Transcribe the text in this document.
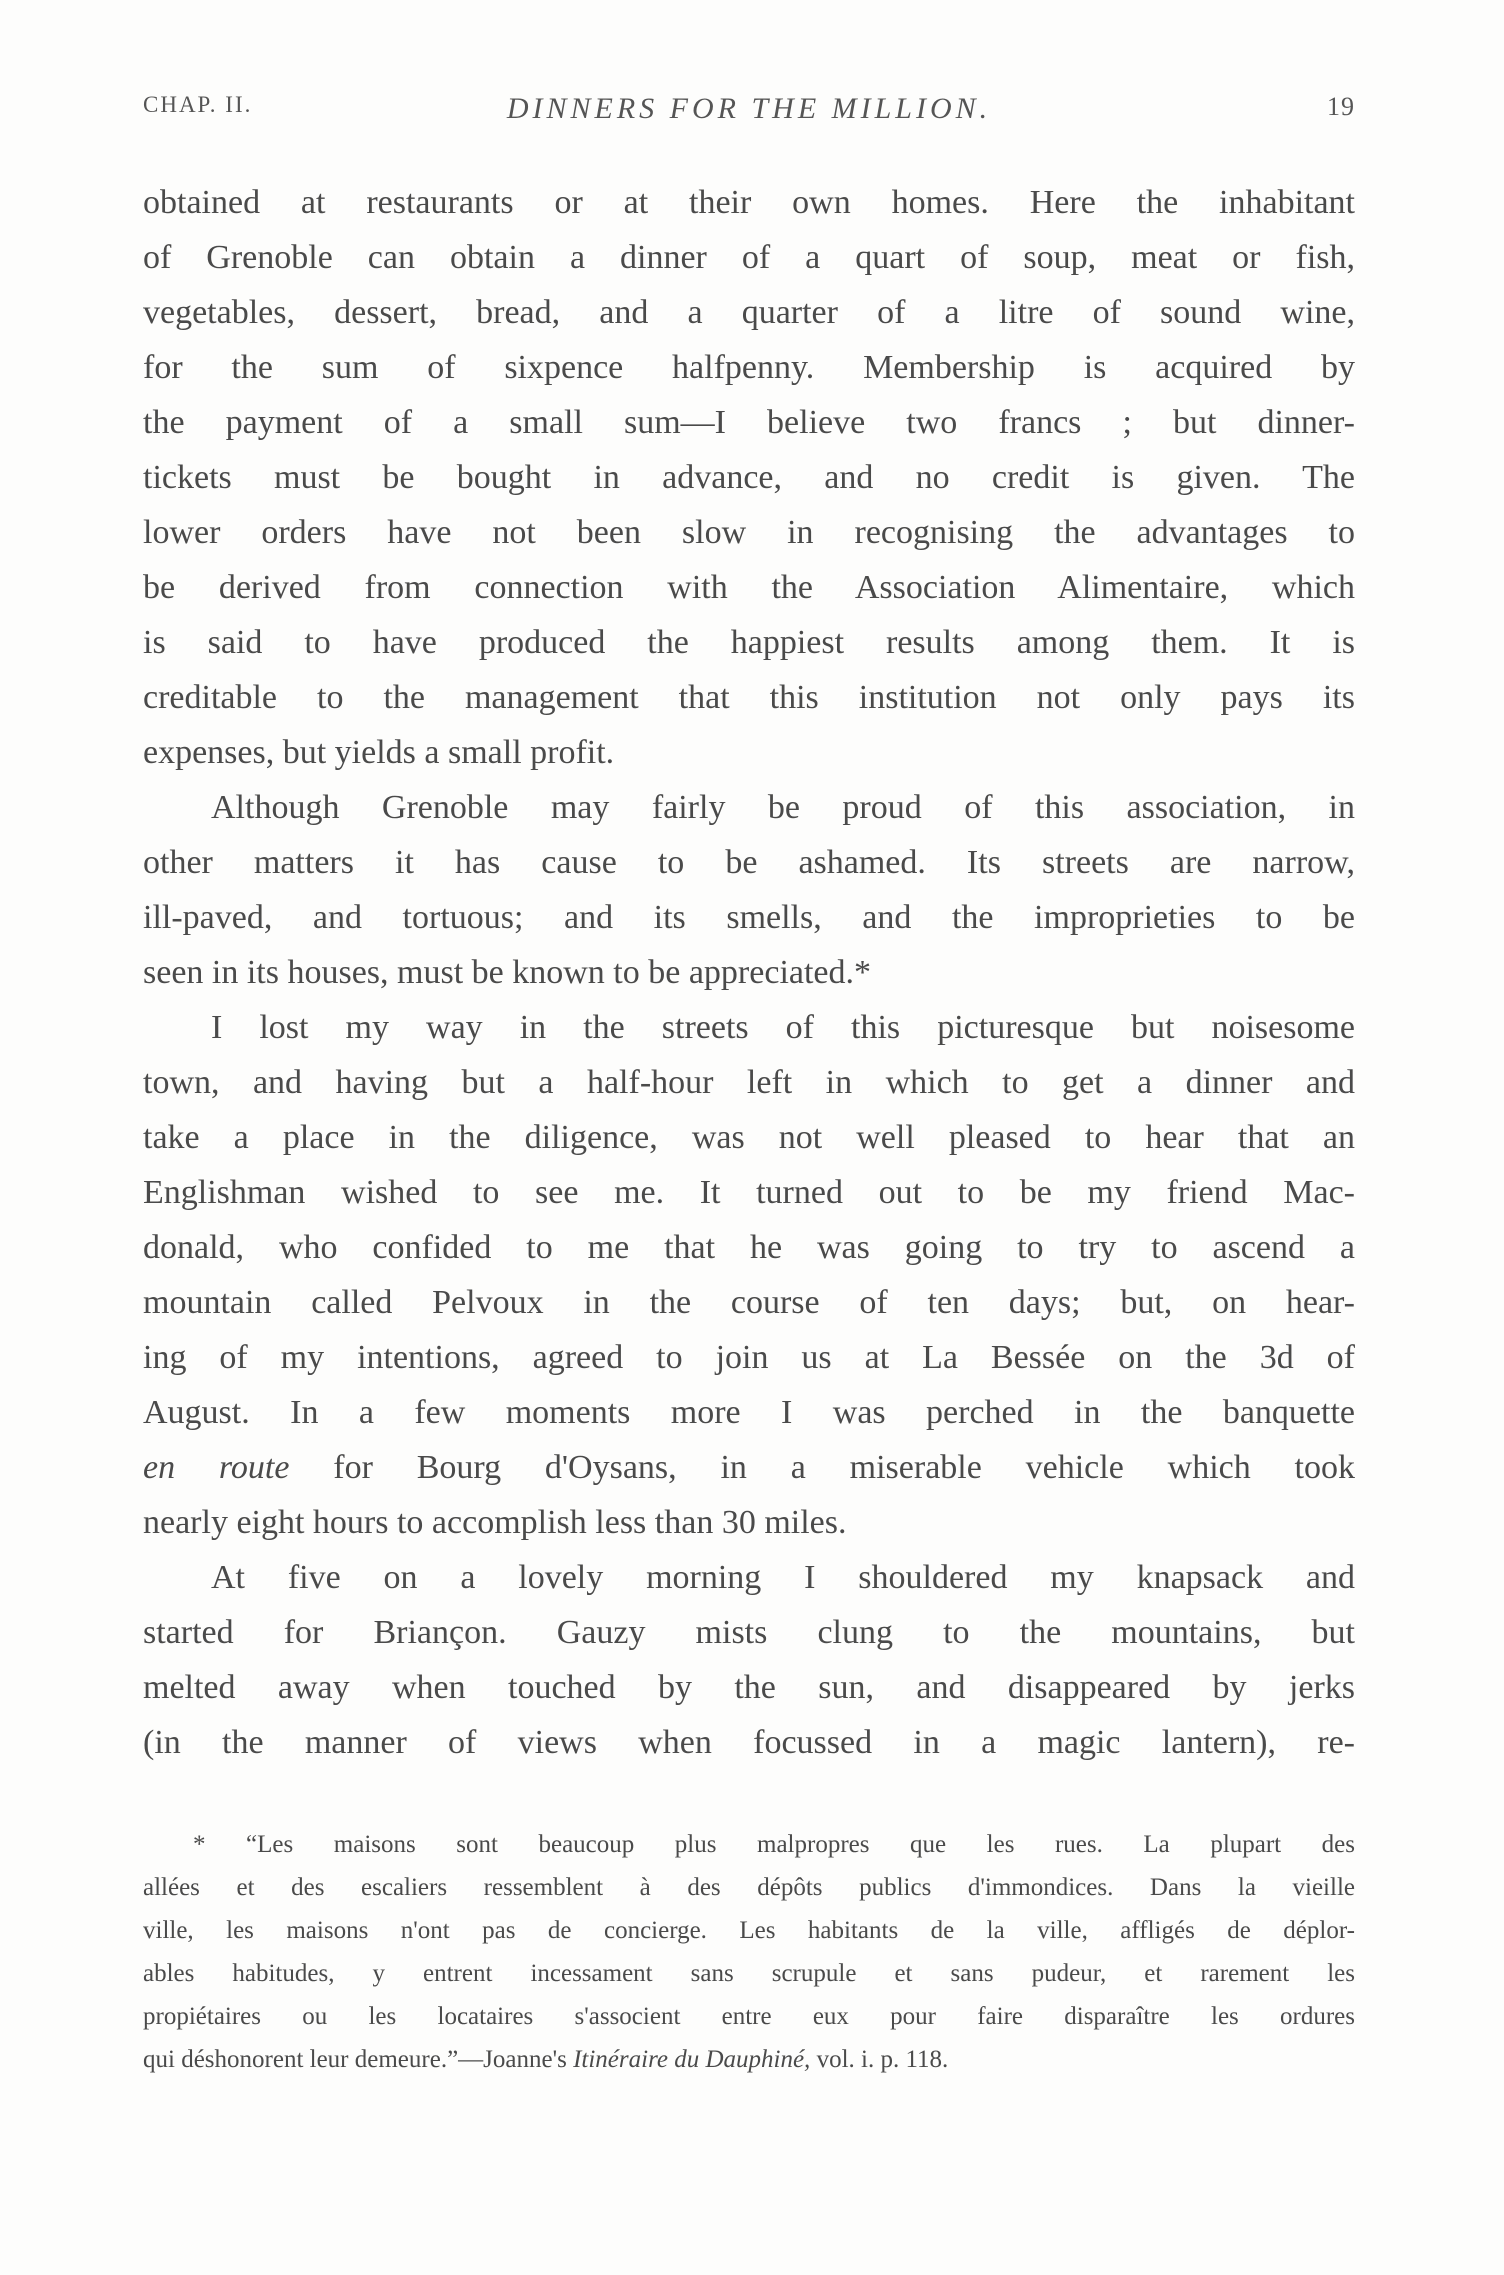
CHAP. II.	DINNERS FOR THE MILLION.	19
obtained at restaurants or at their own homes. Here the inhabitant
of Grenoble can obtain a dinner of a quart of soup, meat or fish,
vegetables, dessert, bread, and a quarter of a litre of sound wine,
for the sum of sixpence halfpenny. Membership is acquired by
the payment of a small sum—I believe two francs ; but dinner-
tickets must be bought in advance, and no credit is given. The
lower orders have not been slow in recognising the advantages to
be derived from connection with the Association Alimentaire, which
is said to have produced the happiest results among them. It is
creditable to the management that this institution not only pays its
expenses, but yields a small profit.
Although Grenoble may fairly be proud of this association, in
other matters it has cause to be ashamed. Its streets are narrow,
ill-paved, and tortuous; and its smells, and the improprieties to be
seen in its houses, must be known to be appreciated.*
I lost my way in the streets of this picturesque but noisesome
town, and having but a half-hour left in which to get a dinner and
take a place in the diligence, was not well pleased to hear that an
Englishman wished to see me. It turned out to be my friend Mac-
donald, who confided to me that he was going to try to ascend a
mountain called Pelvoux in the course of ten days; but, on hear-
ing of my intentions, agreed to join us at La Bessée on the 3d of
August. In a few moments more I was perched in the banquette
en route for Bourg d'Oysans, in a miserable vehicle which took
nearly eight hours to accomplish less than 30 miles.
At five on a lovely morning I shouldered my knapsack and
started for Briançon. Gauzy mists clung to the mountains, but
melted away when touched by the sun, and disappeared by jerks
(in the manner of views when focussed in a magic lantern), re-
* “Les maisons sont beaucoup plus malpropres que les rues. La plupart des
allées et des escaliers ressemblent à des dépôts publics d'immondices. Dans la vieille
ville, les maisons n'ont pas de concierge. Les habitants de la ville, affligés de déplor-
ables habitudes, y entrent incessament sans scrupule et sans pudeur, et rarement les
propiétaires ou les locataires s'associent entre eux pour faire disparaître les ordures
qui déshonorent leur demeure.”—Joanne's Itinéraire du Dauphiné, vol. i. p. 118.
